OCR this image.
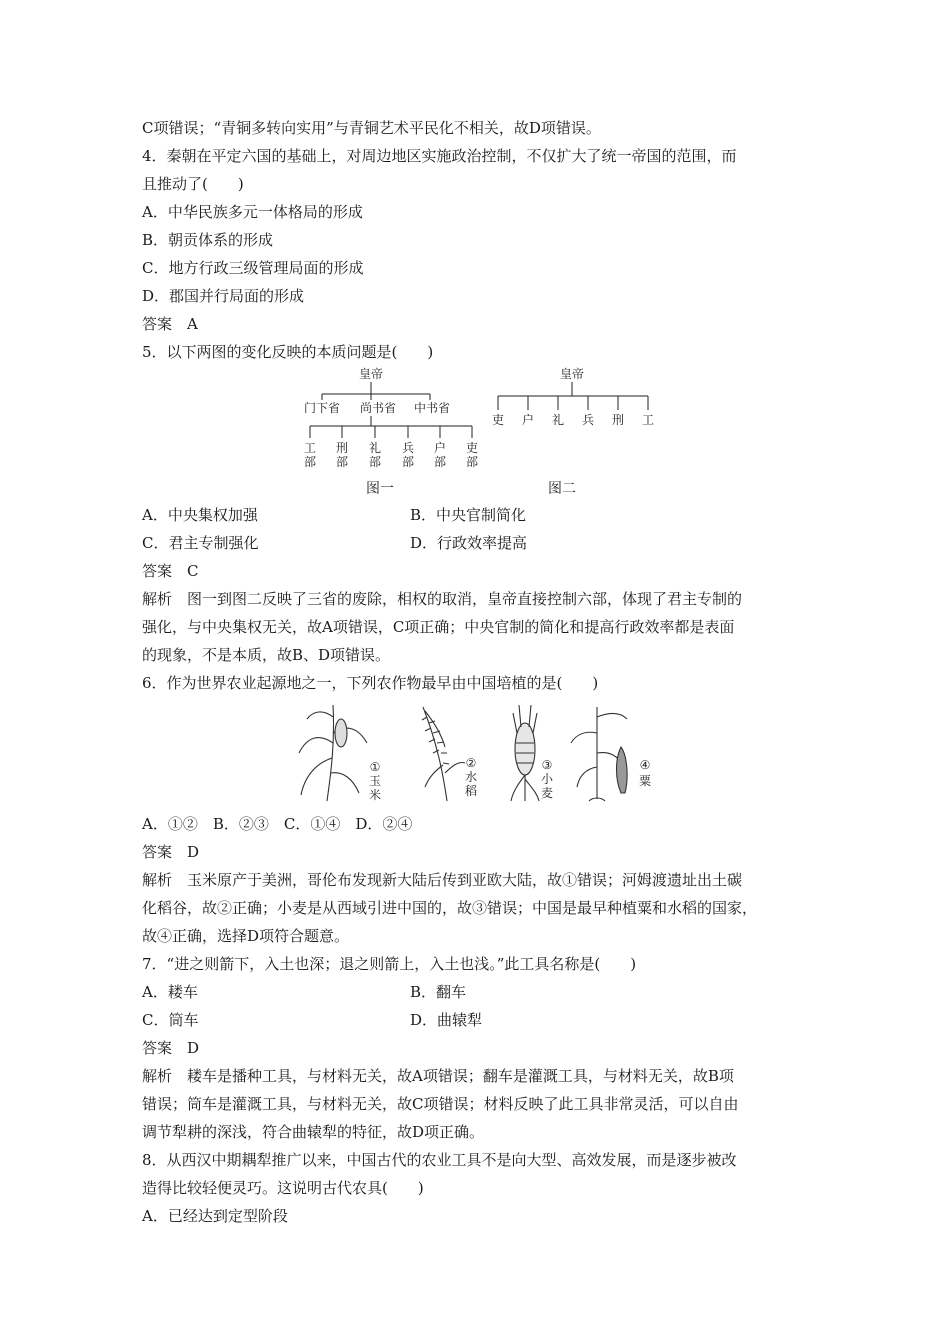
C项错误；“青铜多转向实用”与青铜艺术平民化不相关，故D项错误。
4．秦朝在平定六国的基础上，对周边地区实施政治控制，不仅扩大了统一帝国的范围，而
且推动了(　　)
A．中华民族多元一体格局的形成
B．朝贡体系的形成
C．地方行政三级管理局面的形成
D．郡国并行局面的形成
答案　A
5．以下两图的变化反映的本质问题是(　　)
皇帝
门下省 尚书省 中书省
工
部
刑
部
礼
部
兵
部
户
部
吏
部
皇帝
吏 户 礼 兵 刑 工
图一	图二
A．中央集权加强	B．中央官制简化
C．君主专制强化	D．行政效率提高
答案　C
解析　图一到图二反映了三省的废除，相权的取消，皇帝直接控制六部，体现了君主专制的
强化，与中央集权无关，故A项错误，C项正确；中央官制的简化和提高行政效率都是表面
的现象，不是本质，故B、D项错误。
6．作为世界农业起源地之一，下列农作物最早由中国培植的是(　　)
①
玉
米
②
水
稻
③
小
麦
④
粟
A．①②　B．②③　C．①④　D．②④
答案　D
解析　玉米原产于美洲，哥伦布发现新大陆后传到亚欧大陆，故①错误；河姆渡遗址出土碳
化稻谷，故②正确；小麦是从西域引进中国的，故③错误；中国是最早种植粟和水稻的国家，
故④正确，选择D项符合题意。
7．“进之则箭下，入土也深；退之则箭上，入土也浅。”此工具名称是(　　)
A．耧车	B．翻车
C．筒车	D．曲辕犁
答案　D
解析　耧车是播种工具，与材料无关，故A项错误；翻车是灌溉工具，与材料无关，故B项
错误；筒车是灌溉工具，与材料无关，故C项错误；材料反映了此工具非常灵活，可以自由
调节犁耕的深浅，符合曲辕犁的特征，故D项正确。
8．从西汉中期耦犁推广以来，中国古代的农业工具不是向大型、高效发展，而是逐步被改
造得比较轻便灵巧。这说明古代农具(　　)
A．已经达到定型阶段
